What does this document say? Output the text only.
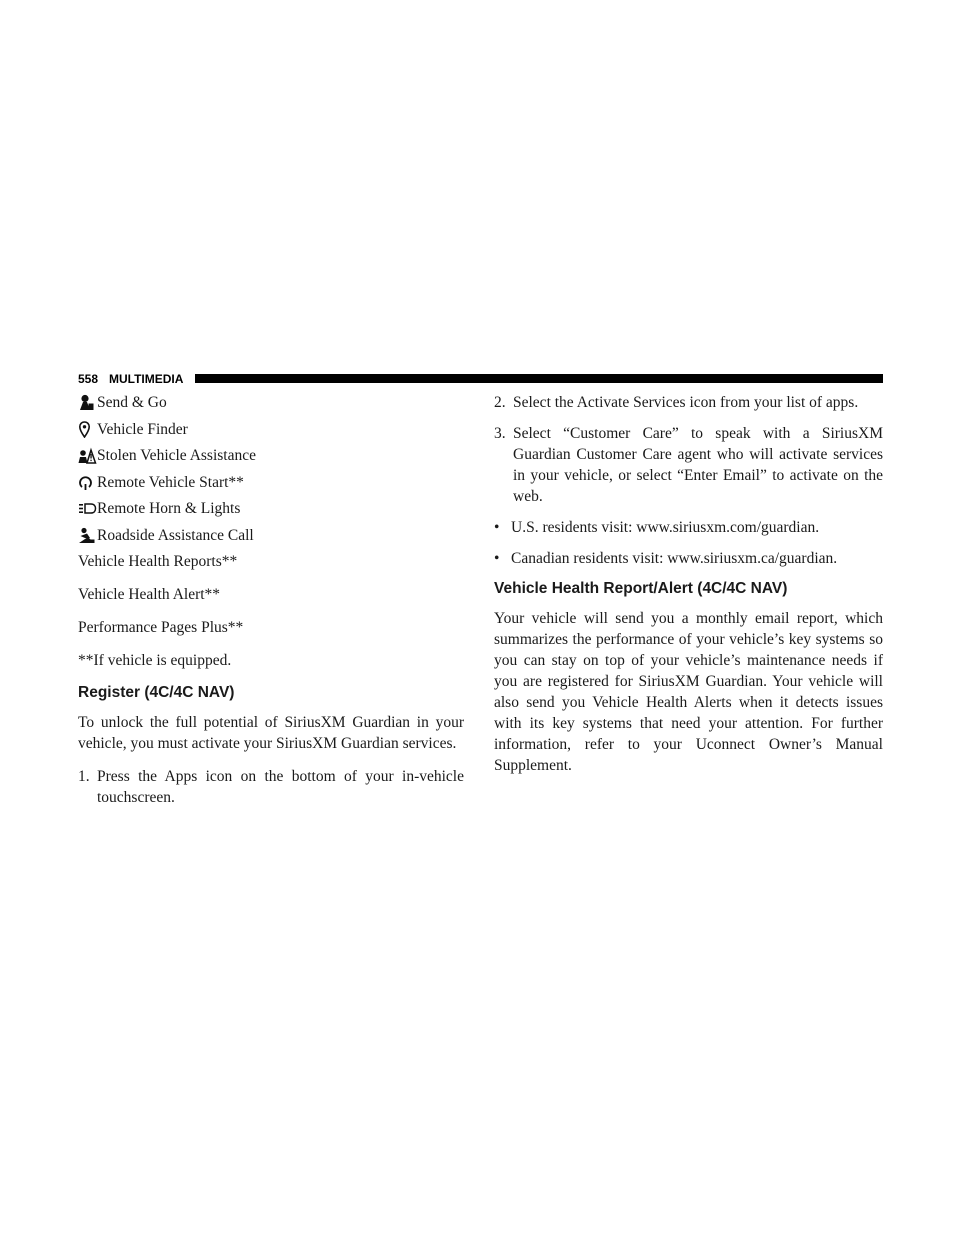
558 MULTIMEDIA
Send & Go
Vehicle Finder
Stolen Vehicle Assistance
Remote Vehicle Start**
Remote Horn & Lights
Roadside Assistance Call

Vehicle Health Reports**

Vehicle Health Alert**

Performance Pages Plus**

**If vehicle is equipped.

Register (4C/4C NAV)

To unlock the full potential of SiriusXM Guardian in your vehicle, you must activate your SiriusXM Guardian services.

1. Press the Apps icon on the bottom of your in-vehicle touchscreen.
2. Select the Activate Services icon from your list of apps.
3. Select “Customer Care” to speak with a SiriusXM Guardian Customer Care agent who will activate services in your vehicle, or select “Enter Email” to activate on the web.
• U.S. residents visit: www.siriusxm.com/guardian.
• Canadian residents visit: www.siriusxm.ca/guardian.
Vehicle Health Report/Alert (4C/4C NAV)

Your vehicle will send you a monthly email report, which summarizes the performance of your vehicle’s key systems so you can stay on top of your vehicle’s maintenance needs if you are registered for SiriusXM Guardian. Your vehicle will also send you Vehicle Health Alerts when it detects issues with its key systems that need your attention. For further information, refer to your Uconnect Owner’s Manual Supplement.
